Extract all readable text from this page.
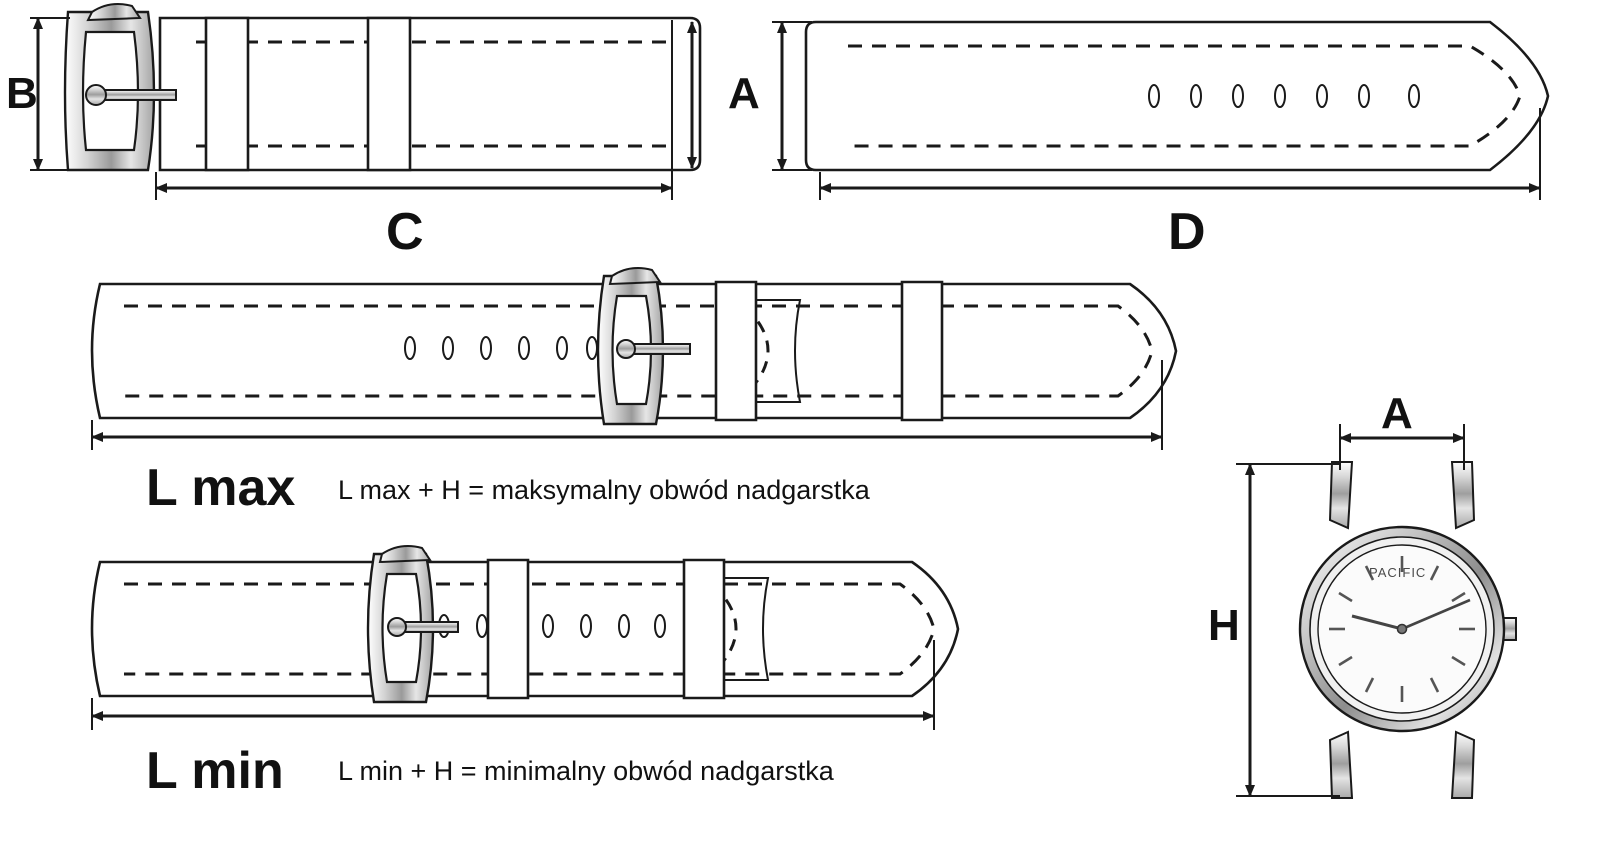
B
C
A
D
L max L max + H = maksymalny obwód nadgarstka
L min L min + H = minimalny obwód nadgarstka
A
H
PACIFIC
